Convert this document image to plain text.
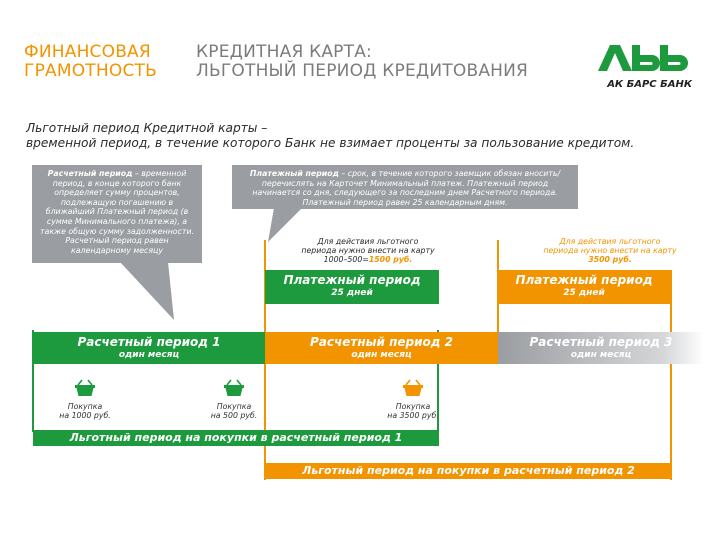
ФИНАНСОВАЯ
ГРАМОТНОСТЬ
КРЕДИТНАЯ КАРТА:
ЛЬГОТНЫЙ ПЕРИОД КРЕДИТОВАНИЯ
АК БАРС БАНК
Льготный период Кредитной карты –
временной период, в течение которого Банк не взимает проценты за пользование кредитом.
Расчетный период – временной период, в конце которого банк определяет сумму процентов, подлежащую погашению в ближайший Платежный период (в сумме Минимального платежа), а также общую сумму задолженности.
Расчетный период равен календарному месяцу
Платежный период – срок, в течение которого заемщик обязан вносить/перечислять на Карточет Минимальный платеж. Платежный период начинается со дня, следующего за последним днем Расчетного периода.
Платежный период равен 25 календарным дням.
Для действия льготного
периода нужно внести на карту
1000–500=1500 руб.
Для действия льготного
периода нужно внести на карту
3500 руб.
Платежный период
25 дней
Платежный период
25 дней
Расчетный период 1
один месяц
Расчетный период 2
один месяц
Расчетный период 3
один месяц
Покупка
на 1000 руб.
Покупка
на 500 руб.
Покупка
на 3500 руб.
Льготный период на покупки в расчетный период 1
Льготный период на покупки в расчетный период 2
